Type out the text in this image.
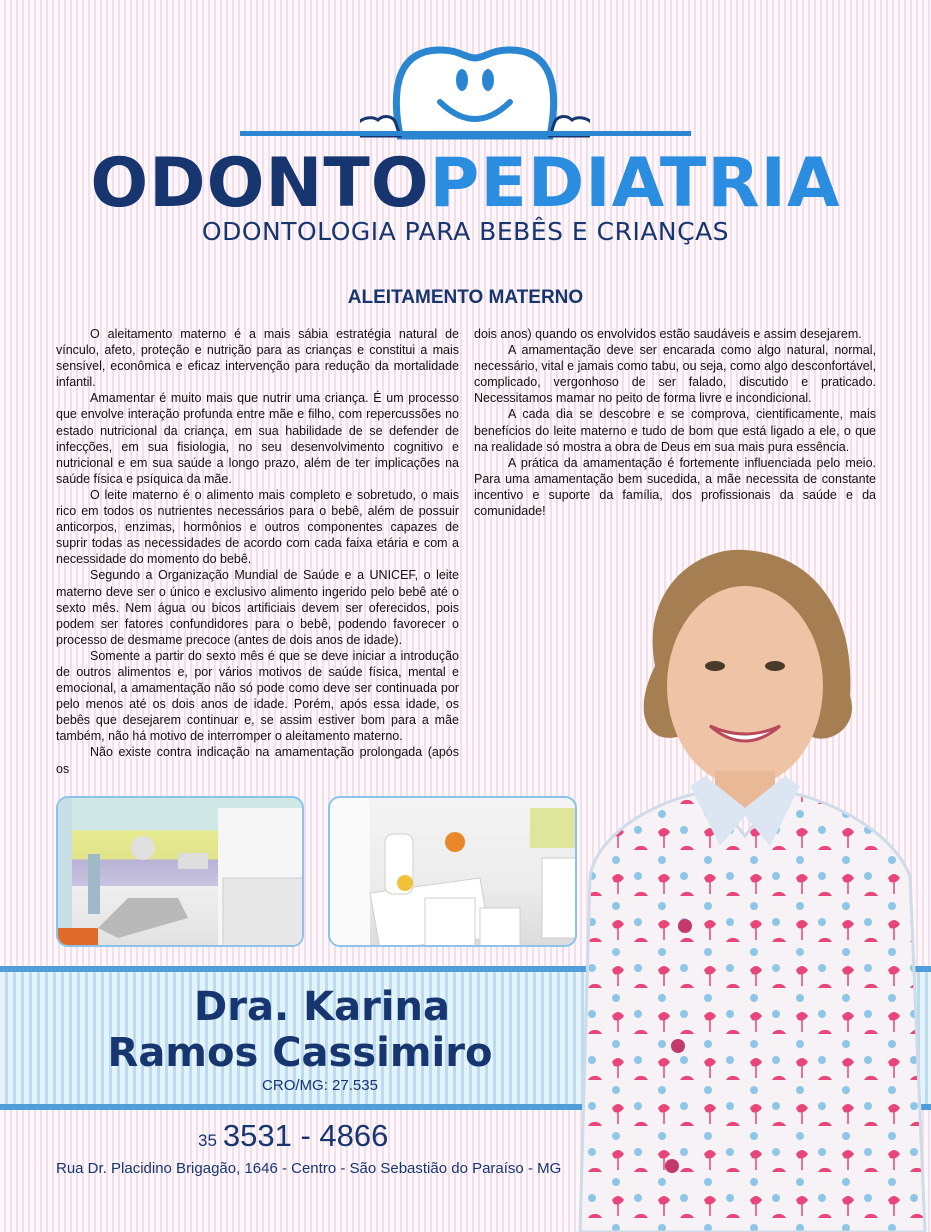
ODONTOPEDIATRIA
ODONTOLOGIA PARA BEBÊS E CRIANÇAS
ALEITAMENTO MATERNO

O aleitamento materno é a mais sábia estratégia natural de vínculo, afeto, proteção e nutrição para as crianças e constitui a mais sensível, econômica e eficaz intervenção para redução da mortalidade infantil.

Amamentar é muito mais que nutrir uma criança. É um processo que envolve interação profunda entre mãe e filho, com repercussões no estado nutricional da criança, em sua habilidade de se defender de infecções, em sua fisiologia, no seu desenvolvimento cognitivo e nutricional e em sua saúde a longo prazo, além de ter implicações na saúde física e psíquica da mãe.

O leite materno é o alimento mais completo e sobretudo, o mais rico em todos os nutrientes necessários para o bebê, além de possuir anticorpos, enzimas, hormônios e outros componentes capazes de suprir todas as necessidades de acordo com cada faixa etária e com a necessidade do momento do bebê.

Segundo a Organização Mundial de Saúde e a UNICEF, o leite materno deve ser o único e exclusivo alimento ingerido pelo bebê até o sexto mês. Nem água ou bicos artificiais devem ser oferecidos, pois podem ser fatores confundidores para o bebê, podendo favorecer o processo de desmame precoce (antes de dois anos de idade).

Somente a partir do sexto mês é que se deve iniciar a introdução de outros alimentos e, por vários motivos de saúde física, mental e emocional, a amamentação não só pode como deve ser continuada por pelo menos até os dois anos de idade. Porém, após essa idade, os bebês que desejarem continuar e, se assim estiver bom para a mãe também, não há motivo de interromper o aleitamento materno.

Não existe contra indicação na amamentação prolongada (após os

dois anos) quando os envolvidos estão saudáveis e assim desejarem.

A amamentação deve ser encarada como algo natural, normal, necessário, vital e jamais como tabu, ou seja, como algo desconfortável, complicado, vergonhoso de ser falado, discutido e praticado. Necessitamos mamar no peito de forma livre e incondicional.

A cada dia se descobre e se comprova, cientificamente, mais benefícios do leite materno e tudo de bom que está ligado a ele, o que na realidade só mostra a obra de Deus em sua mais pura essência.

A prática da amamentação é fortemente influenciada pelo meio. Para uma amamentação bem sucedida, a mãe necessita de constante incentivo e suporte da família, dos profissionais da saúde e da comunidade!

Dra. Karina
Ramos Cassimiro
CRO/MG: 27.535
35 3531 - 4866
Rua Dr. Placidino Brigagão, 1646 - Centro - São Sebastião do Paraíso - MG
